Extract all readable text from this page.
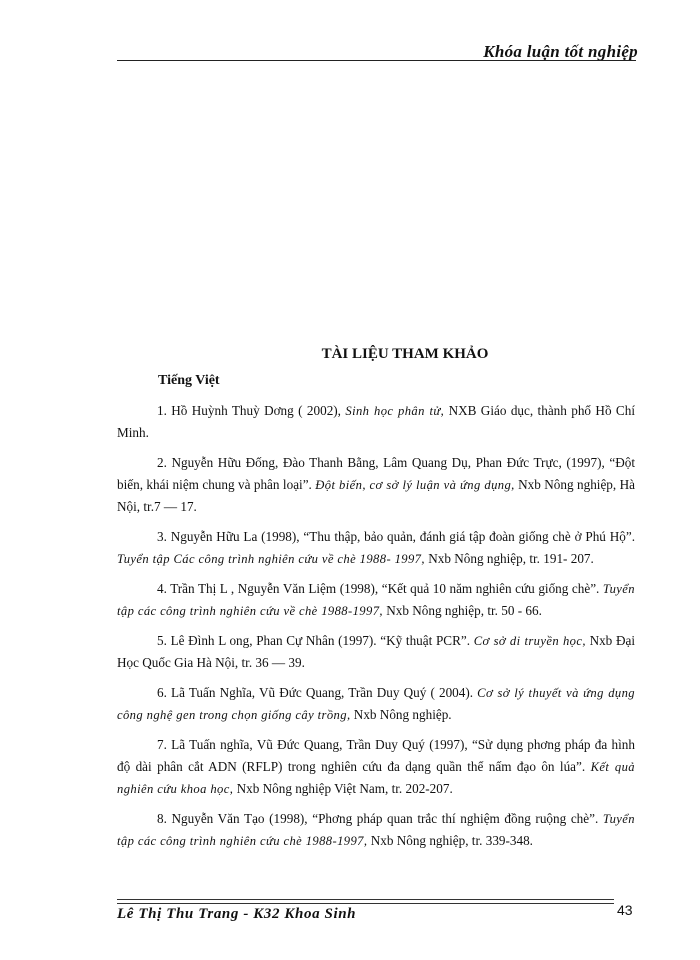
Khóa luận tốt nghiệp
TÀI LIỆU THAM KHẢO
Tiếng Việt
1. Hồ Huỳnh Thuỳ Dơng ( 2002), Sinh học phân tử, NXB Giáo dục, thành phố Hồ Chí Minh.
2. Nguyễn Hữu Đống, Đào Thanh Bằng, Lâm Quang Dụ, Phan Đức Trực, (1997), “Đột biến, khái niệm chung và phân loại”. Đột biến, cơ sở lý luận và ứng dụng, Nxb Nông nghiệp, Hà Nội, tr.7 — 17.
3. Nguyễn Hữu La (1998), “Thu thập, bảo quản, đánh giá tập đoàn giống chè ở Phú Hộ”. Tuyển tập Các công trình nghiên cứu về chè 1988- 1997, Nxb Nông nghiệp, tr. 191- 207.
4. Trần Thị L , Nguyễn Văn Liệm (1998), “Kết quả 10 năm nghiên cứu giống chè”. Tuyển tập các công trình nghiên cứu về chè 1988-1997, Nxb Nông nghiệp, tr. 50 - 66.
5. Lê Đình L ong, Phan Cự Nhân (1997). “Kỹ thuật PCR”. Cơ sở di truyền học, Nxb Đại Học Quốc Gia Hà Nội, tr. 36 — 39.
6. Lã Tuấn Nghĩa, Vũ Đức Quang, Trần Duy Quý ( 2004). Cơ sở lý thuyết và ứng dụng công nghệ gen trong chọn giống cây trồng, Nxb Nông nghiệp.
7. Lã Tuấn nghĩa, Vũ Đức Quang, Trần Duy Quý (1997), “Sử dụng phơng pháp đa hình độ dài phân cắt ADN (RFLP) trong nghiên cứu đa dạng quần thể nấm đạo ôn lúa”. Kết quả nghiên cứu khoa học, Nxb Nông nghiệp Việt Nam, tr. 202-207.
8. Nguyễn Văn Tạo (1998), “Phơng pháp quan trắc thí nghiệm đồng ruộng chè”. Tuyển tập các công trình nghiên cứu chè 1988-1997, Nxb Nông nghiệp, tr. 339-348.
Lê Thị Thu Trang - K32 Khoa Sinh	43
